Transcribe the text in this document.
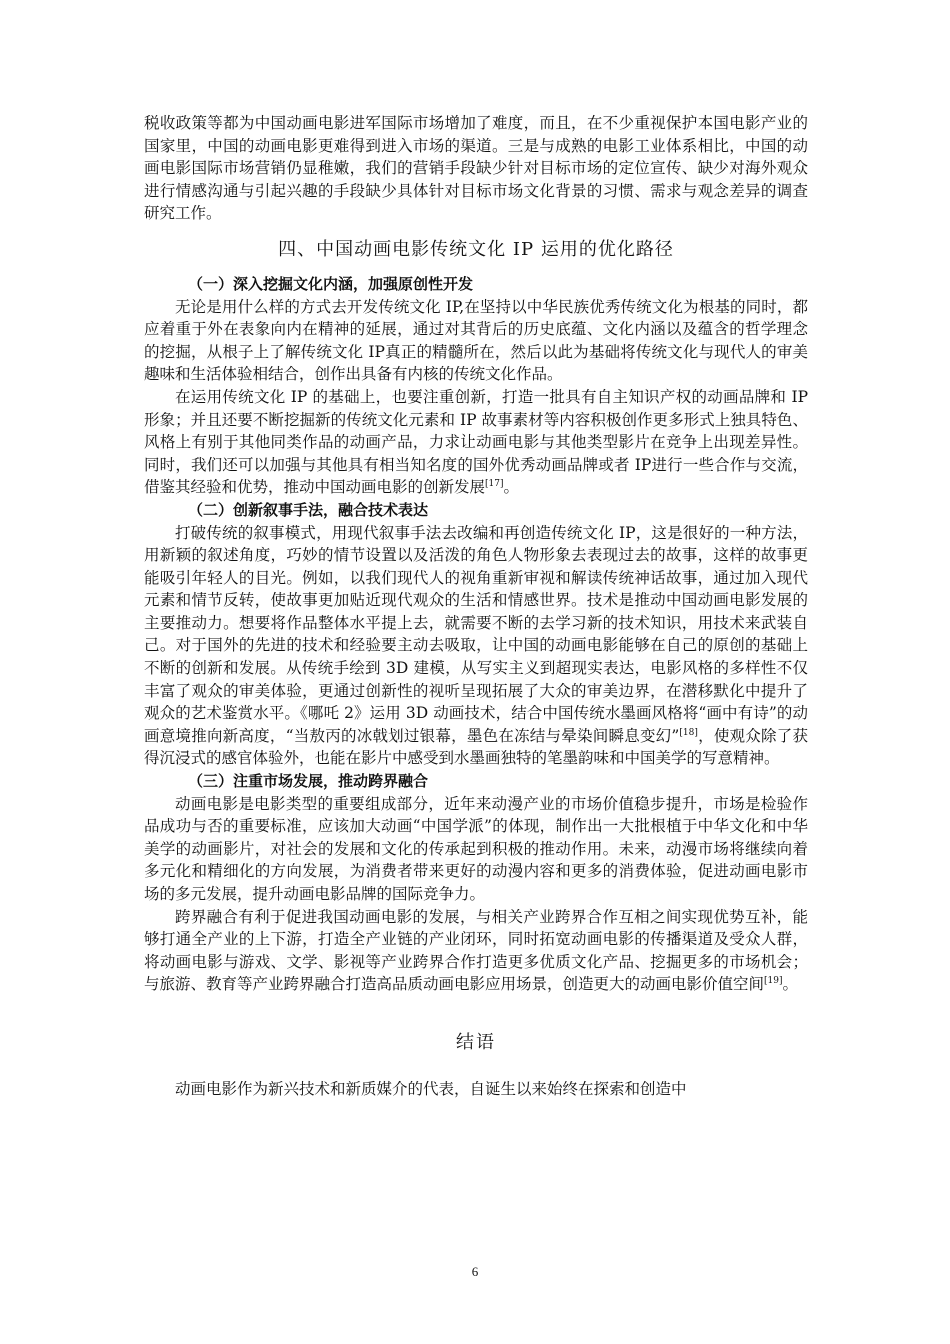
税收政策等都为中国动画电影进军国际市场增加了难度，而且，在不少重视保护本国电影产业的国家里，中国的动画电影更难得到进入市场的渠道。三是与成熟的电影工业体系相比，中国的动画电影国际市场营销仍显稚嫩，我们的营销手段缺少针对目标市场的定位宣传、缺少对海外观众进行情感沟通与引起兴趣的手段缺少具体针对目标市场文化背景的习惯、需求与观念差异的调查研究工作。

四、中国动画电影传统文化 IP 运用的优化路径
（一）深入挖掘文化内涵，加强原创性开发

无论是用什么样的方式去开发传统文化 IP,在坚持以中华民族优秀传统文化为根基的同时，都应着重于外在表象向内在精神的延展，通过对其背后的历史底蕴、文化内涵以及蕴含的哲学理念的挖掘，从根子上了解传统文化 IP真正的精髓所在，然后以此为基础将传统文化与现代人的审美趣味和生活体验相结合，创作出具备有内核的传统文化作品。

在运用传统文化 IP 的基础上，也要注重创新，打造一批具有自主知识产权的动画品牌和 IP 形象；并且还要不断挖掘新的传统文化元素和 IP 故事素材等内容积极创作更多形式上独具特色、风格上有别于其他同类作品的动画产品，力求让动画电影与其他类型影片在竞争上出现差异性。同时，我们还可以加强与其他具有相当知名度的国外优秀动画品牌或者 IP进行一些合作与交流，借鉴其经验和优势，推动中国动画电影的创新发展[17]。

（二）创新叙事手法，融合技术表达

打破传统的叙事模式，用现代叙事手法去改编和再创造传统文化 IP，这是很好的一种方法，用新颖的叙述角度，巧妙的情节设置以及活泼的角色人物形象去表现过去的故事，这样的故事更能吸引年轻人的目光。例如，以我们现代人的视角重新审视和解读传统神话故事，通过加入现代元素和情节反转，使故事更加贴近现代观众的生活和情感世界。技术是推动中国动画电影发展的主要推动力。想要将作品整体水平提上去，就需要不断的去学习新的技术知识，用技术来武装自己。对于国外的先进的技术和经验要主动去吸取，让中国的动画电影能够在自己的原创的基础上不断的创新和发展。从传统手绘到 3D 建模，从写实主义到超现实表达，电影风格的多样性不仅丰富了观众的审美体验，更通过创新性的视听呈现拓展了大众的审美边界，在潜移默化中提升了观众的艺术鉴赏水平。《哪吒 2》运用 3D 动画技术，结合中国传统水墨画风格将“画中有诗”的动画意境推向新高度，“当敖丙的冰戟划过银幕，墨色在冻结与晕染间瞬息变幻”[18]，使观众除了获得沉浸式的感官体验外，也能在影片中感受到水墨画独特的笔墨韵味和中国美学的写意精神。

（三）注重市场发展，推动跨界融合

动画电影是电影类型的重要组成部分，近年来动漫产业的市场价值稳步提升，市场是检验作品成功与否的重要标准，应该加大动画“中国学派”的体现，制作出一大批根植于中华文化和中华美学的动画影片，对社会的发展和文化的传承起到积极的推动作用。未来，动漫市场将继续向着多元化和精细化的方向发展，为消费者带来更好的动漫内容和更多的消费体验，促进动画电影市场的多元发展，提升动画电影品牌的国际竞争力。

跨界融合有利于促进我国动画电影的发展，与相关产业跨界合作互相之间实现优势互补，能够打通全产业的上下游，打造全产业链的产业闭环，同时拓宽动画电影的传播渠道及受众人群，将动画电影与游戏、文学、影视等产业跨界合作打造更多优质文化产品、挖掘更多的市场机会；与旅游、教育等产业跨界融合打造高品质动画电影应用场景，创造更大的动画电影价值空间[19]。

结语

动画电影作为新兴技术和新质媒介的代表，自诞生以来始终在探索和创造中

6
